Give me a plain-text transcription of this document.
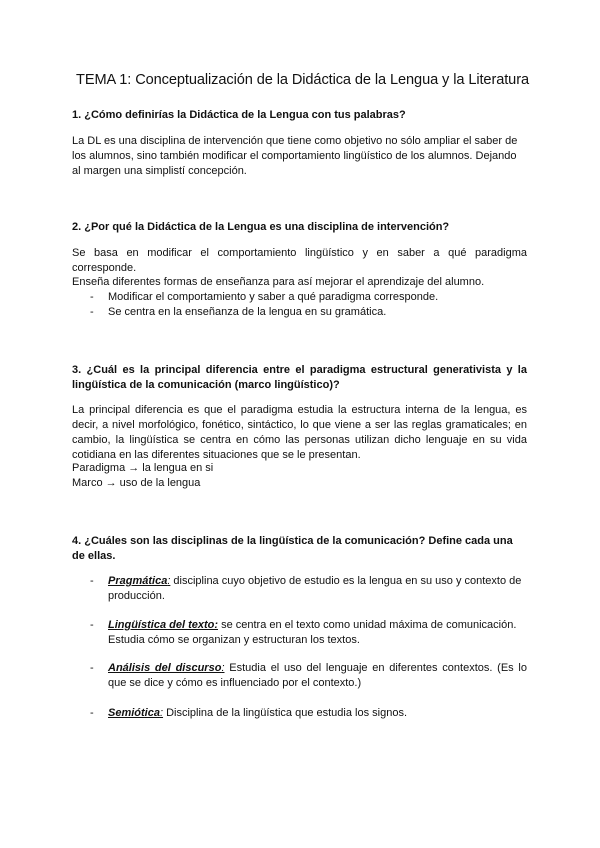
TEMA 1: Conceptualización de la Didáctica de la Lengua y la Literatura
1. ¿Cómo definirías la Didáctica de la Lengua con tus palabras?
La DL es una disciplina de intervención que tiene como objetivo no sólo ampliar el saber de los alumnos, sino también modificar el comportamiento lingüístico de los alumnos. Dejando al margen una simplistí concepción.
2. ¿Por qué la Didáctica de la Lengua es una disciplina de intervención?
Se basa en modificar el comportamiento lingüístico y en saber a qué paradigma corresponde.
Enseña diferentes formas de enseñanza para así mejorar el aprendizaje del alumno.
-	Modificar el comportamiento y saber a qué paradigma corresponde.
-	Se centra en la enseñanza de la lengua en su gramática.
3. ¿Cuál es la principal diferencia entre el paradigma estructural generativista y la lingüística de la comunicación (marco lingüístico)?
La principal diferencia es que el paradigma estudia la estructura interna de la lengua, es decir, a nivel morfológico, fonético, sintáctico, lo que viene a ser las reglas gramaticales; en cambio, la lingüística se centra en cómo las personas utilizan dicho lenguaje en su vida cotidiana en las diferentes situaciones que se le presentan.
Paradigma → la lengua en si
Marco → uso de la lengua
4. ¿Cuáles son las disciplinas de la lingüística de la comunicación? Define cada una de ellas.
-	Pragmática: disciplina cuyo objetivo de estudio es la lengua en su uso y contexto de producción.
-	Lingüística del texto: se centra en el texto como unidad máxima de comunicación. Estudia cómo se organizan y estructuran los textos.
-	Análisis del discurso: Estudia el uso del lenguaje en diferentes contextos. (Es lo que se dice y cómo es influenciado por el contexto.)
-	Semiótica: Disciplina de la lingüística que estudia los signos.
